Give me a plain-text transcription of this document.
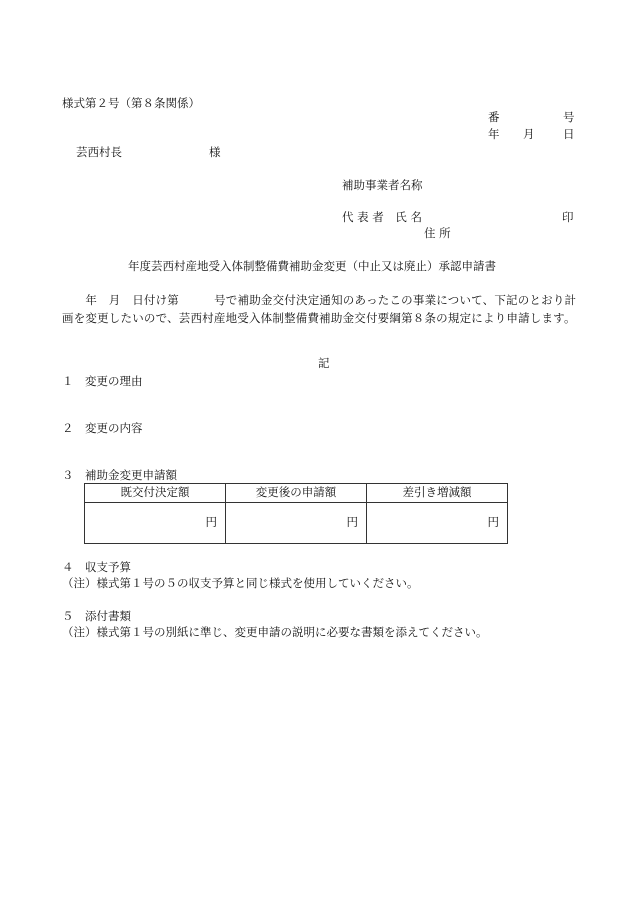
様式第２号（第８条関係）
番	号
年 月 日
芸西村長	様
補助事業者名称
代 表 者　氏 名	印
住 所
年度芸西村産地受入体制整備費補助金変更（中止又は廃止）承認申請書
　　年　月　日付け第　　　号で補助金交付決定通知のあったこの事業について、下記のとおり計画を変更したいので、芸西村産地受入体制整備費補助金交付要綱第８条の規定により申請します。
記
１　変更の理由
２　変更の内容
３　補助金変更申請額
既交付決定額	変更後の申請額	差引き増減額
円	円	円
４　収支予算
（注）様式第１号の５の収支予算と同じ様式を使用していください。
５　添付書類
（注）様式第１号の別紙に準じ、変更申請の説明に必要な書類を添えてください。
